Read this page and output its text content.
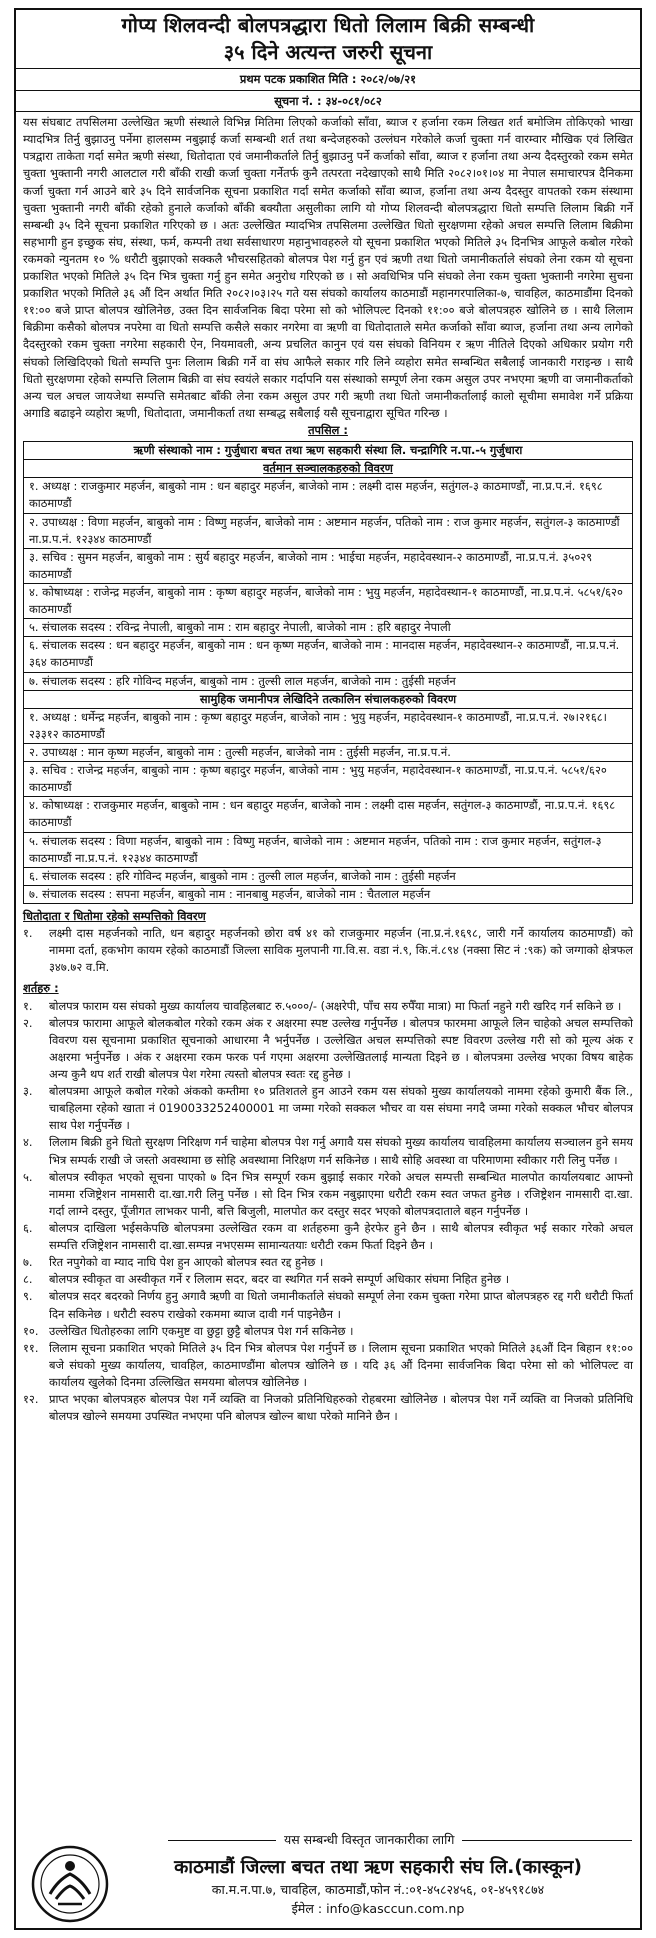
गोप्य शिलवन्दी बोलपत्रद्धारा धितो लिलाम बिक्री सम्बन्धी
३५ दिने अत्यन्त जरुरी सूचना
प्रथम पटक प्रकाशित मिति : २०८२/०७/२१
सूचना नं. : ३४-०८१/०८२

यस संघबाट तपसिलमा उल्लेखित ऋणी संस्थाले विभिन्न मितिमा लिएको कर्जाको साँवा, ब्याज र हर्जाना रकम लिखत शर्त बमोजिम तोकिएको भाखा म्यादभित्र तिर्नु बुझाउनु पर्नेमा हालसम्म नबुझाई कर्जा सम्बन्धी शर्त तथा बन्देजहरुको उल्लंघन गरेकोले कर्जा चुक्ता गर्न वारम्वार मौखिक एवं लिखित पत्रद्वारा ताकेता गर्दा समेत ऋणी संस्था, धितोदाता एवं जमानीकर्ताले तिर्नु बुझाउनु पर्ने कर्जाको साँवा, ब्याज र हर्जाना तथा अन्य दैदस्तुरको रकम समेत चुक्ता भुक्तानी नगरी आलटाल गरी बाँकी राखी कर्जा चुक्ता गर्नेतर्फ कुनै तत्परता नदेखाएको साथै मिति २०८२।०१।०४ मा नेपाल समाचारपत्र दैनिकमा कर्जा चुक्ता गर्न आउने बारे ३५ दिने सार्वजनिक सूचना प्रकाशित गर्दा समेत कर्जाको साँवा ब्याज, हर्जाना तथा अन्य दैदस्तुर वापतको रकम संस्थामा चुक्ता भुक्तानी नगरी बाँकी रहेको हुनाले कर्जाको बाँकी बक्यौता असुलीका लागि यो गोप्य शिलवन्दी बोलपत्रद्धारा धितो सम्पत्ति लिलाम बिक्री गर्ने सम्बन्धी ३५ दिने सूचना प्रकाशित गरिएको छ । अतः उल्लेखित म्यादभित्र तपसिलमा उल्लेखित धितो सुरक्षणमा रहेको अचल सम्पत्ति लिलाम बिक्रीमा सहभागी हुन इच्छुक संघ, संस्था, फर्म, कम्पनी तथा सर्वसाधारण महानुभावहरुले यो सूचना प्रकाशित भएको मितिले ३५ दिनभित्र आफूले कबोल गरेको रकमको न्युनतम १० % धरौटी बुझाएको सक्कलै भौचरसहितको बोलपत्र पेश गर्नु हुन एवं ऋणी तथा धितो जमानीकर्ताले संघको लेना रकम यो सूचना प्रकाशित भएको मितिले ३५ दिन भित्र चुक्ता गर्नु हुन समेत अनुरोध गरिएको छ । सो अवधिभित्र पनि संघको लेना रकम चुक्ता भुक्तानी नगरेमा सुचना प्रकाशित भएको मितिले ३६ औं दिन अर्थात मिति २०८२।०३।२५ गते यस संघको कार्यालय काठमाडौं महानगरपालिका-७, चावहिल, काठमाडौंमा दिनको ११:०० बजे प्राप्त बोलपत्र खोलिनेछ, उक्त दिन सार्वजनिक बिदा परेमा सो को भोलिपल्ट दिनको ११:०० बजे बोलपत्रहरु खोलिने छ । साथै लिलाम बिक्रीमा कसैको बोलपत्र नपरेमा वा धितो सम्पत्ति कसैले सकार नगरेमा वा ऋणी वा धितोदाताले समेत कर्जाको साँवा ब्याज, हर्जाना तथा अन्य लागेको दैदस्तुरको रकम चुक्ता नगरेमा सहकारी ऐन, नियमावली, अन्य प्रचलित कानुन एवं यस संघको विनियम र ऋण नीतिले दिएको अधिकार प्रयोग गरी संघको लिखिदिएको धितो सम्पत्ति पुनः लिलाम बिक्री गर्ने वा संघ आफैले सकार गरि लिने व्यहोरा समेत सम्बन्धित सबैलाई जानकारी गराइन्छ । साथै धितो सुरक्षणमा रहेको सम्पत्ति लिलाम बिक्री वा संघ स्वयंले सकार गर्दापनि यस संस्थाको सम्पूर्ण लेना रकम असुल उपर नभएमा ऋणी वा जमानीकर्ताको अन्य चल अचल जायजेथा सम्पत्ति समेतबाट बाँकी लेना रकम असुल उपर गरी ऋणी तथा धितो जमानीकर्तालाई कालो सूचीमा समावेश गर्ने प्रक्रिया अगाडि बढाइने व्यहोरा ऋणी, धितोदाता, जमानीकर्ता तथा सम्बद्ध सबैलाई यसै सूचनाद्वारा सूचित गरिन्छ ।

तपसिल :
ऋणी संस्थाको नाम : गुर्जुधारा बचत तथा ऋण सहकारी संस्था लि. चन्द्रागिरि न.पा.-५ गुर्जुधारा
वर्तमान सञ्चालकहरुको विवरण
१. अध्यक्ष : राजकुमार महर्जन, बाबुको नाम : धन बहादुर महर्जन, बाजेको नाम : लक्ष्मी दास महर्जन, सतुंगल-३ काठमाण्डौं, ना.प्र.प.नं. १६९८ काठमाण्डौं
२. उपाध्यक्ष : विणा महर्जन, बाबुको नाम : विष्णु महर्जन, बाजेको नाम : अष्टमान महर्जन, पतिको नाम : राज कुमार महर्जन, सतुंगल-३ काठमाण्डौं ना.प्र.प.नं. १२३४४ काठमाण्डौं
३. सचिव : सुमन महर्जन, बाबुको नाम : सुर्य बहादुर महर्जन, बाजेको नाम : भाईचा महर्जन, महादेवस्थान-२ काठमाण्डौं, ना.प्र.प.नं. ३५०२९ काठमाण्डौं
४. कोषाध्यक्ष : राजेन्द्र महर्जन, बाबुको नाम : कृष्ण बहादुर महर्जन, बाजेको नाम : भुयु महर्जन, महादेवस्थान-१ काठमाण्डौं, ना.प्र.प.नं. ५८५१/६२० काठमाण्डौं
५. संचालक सदस्य : रविन्द्र नेपाली, बाबुको नाम : राम बहादुर नेपाली, बाजेको नाम : हरि बहादुर नेपाली
६. संचालक सदस्य : धन बहादुर महर्जन, बाबुको नाम : धन कृष्ण महर्जन, बाजेको नाम : मानदास महर्जन, महादेवस्थान-२ काठमाण्डौं, ना.प्र.प.नं. ३६४ काठमाण्डौं
७. संचालक सदस्य : हरि गोविन्द महर्जन, बाबुको नाम : तुल्सी लाल महर्जन, बाजेको नाम : तुईसी महर्जन
सामुहिक जमानीपत्र लेखिदिने तत्कालिन संचालकहरुको विवरण
१. अध्यक्ष : धर्मेन्द्र महर्जन, बाबुको नाम : कृष्ण बहादुर महर्जन, बाजेको नाम : भुयु महर्जन, महादेवस्थान-१ काठमाण्डौं, ना.प्र.प.नं. २७।२१६८।२३३१२ काठमाण्डौं
२. उपाध्यक्ष : मान कृष्ण महर्जन, बाबुको नाम : तुल्सी महर्जन, बाजेको नाम : तुईसी महर्जन, ना.प्र.प.नं.
३. सचिव : राजेन्द्र महर्जन, बाबुको नाम : कृष्ण बहादुर महर्जन, बाजेको नाम : भुयु महर्जन, महादेवस्थान-१ काठमाण्डौं, ना.प्र.प.नं. ५८५१/६२० काठमाण्डौं
४. कोषाध्यक्ष : राजकुमार महर्जन, बाबुको नाम : धन बहादुर महर्जन, बाजेको नाम : लक्ष्मी दास महर्जन, सतुंगल-३ काठमाण्डौं, ना.प्र.प.नं. १६९८ काठमाण्डौं
५. संचालक सदस्य : विणा महर्जन, बाबुको नाम : विष्णु महर्जन, बाजेको नाम : अष्टमान महर्जन, पतिको नाम : राज कुमार महर्जन, सतुंगल-३ काठमाण्डौं ना.प्र.प.नं. १२३४४ काठमाण्डौं
६. संचालक सदस्य : हरि गोविन्द महर्जन, बाबुको नाम : तुल्सी लाल महर्जन, बाजेको नाम : तुईसी महर्जन
७. संचालक सदस्य : सपना महर्जन, बाबुको नाम : नानबाबु महर्जन, बाजेको नाम : चैतलाल महर्जन
धितोदाता र धितोमा रहेको सम्पत्तिको विवरण
१.	लक्ष्मी दास महर्जनको नाति, धन बहादुर महर्जनको छोरा वर्ष ४१ को राजकुमार महर्जन (ना.प्र.नं.१६९८, जारी गर्ने कार्यालय काठमाण्डौं) को नाममा दर्ता, हकभोग कायम रहेको काठमाडौं जिल्ला साविक मुलपानी गा.वि.स. वडा नं.९, कि.नं.८९४ (नक्सा सिट नं :९क) को जग्गाको क्षेत्रफल ३४७.७२ व.मि.
शर्तहरु :
१.	बोलपत्र फाराम यस संघको मुख्य कार्यालय चावहिलबाट रु.५०००/- (अक्षरेपी, पाँच सय रुपैँया मात्रा) मा फिर्ता नहुने गरी खरिद गर्न सकिने छ ।
२.	बोलपत्र फारामा आफूले बोलकबोल गरेको रकम अंक र अक्षरमा स्पष्ट उल्लेख गर्नुपर्नेछ । बोलपत्र फारममा आफूले लिन चाहेको अचल सम्पत्तिको विवरण यस सूचनामा प्रकाशित सूचनाको आधारमा नै भर्नुपर्नेछ । उल्लेखित अचल सम्पत्तिको स्पष्ट विवरण उल्लेख गरी सो को मूल्य अंक र अक्षरमा भर्नुपर्नेछ । अंक र अक्षरमा रकम फरक पर्न गएमा अक्षरमा उल्लेखितलाई मान्यता दिइने छ । बोलपत्रमा उल्लेख भएका विषय बाहेक अन्य कुनै थप शर्त राखी बोलपत्र पेश गरेमा त्यस्तो बोलपत्र स्वतः रद्द हुनेछ ।
३.	बोलपत्रमा आफूले कबोल गरेको अंकको कम्तीमा १० प्रतिशतले हुन आउने रकम यस संघको मुख्य कार्यालयको नाममा रहेको कुमारी बैंक लि., चाबहिलमा रहेको खाता नं 0190033252400001 मा जम्मा गरेको सक्कल भौचर वा यस संघमा नगदै जम्मा गरेको सक्कल भौचर बोलपत्र साथ पेश गर्नुपर्नेछ ।
४.	लिलाम बिक्री हुने धितो सुरक्षण निरिक्षण गर्न चाहेमा बोलपत्र पेश गर्नु अगावै यस संघको मुख्य कार्यालय चावहिलमा कार्यालय सञ्चालन हुने समय भित्र सम्पर्क राखी जे जस्तो अवस्थामा छ सोहि अवस्थामा निरिक्षण गर्न सकिनेछ । साथै सोहि अवस्था वा परिमाणमा स्वीकार गरी लिनु पर्नेछ ।
५.	बोलपत्र स्वीकृत भएको सूचना पाएको ७ दिन भित्र सम्पूर्ण रकम बुझाई सकार गरेको अचल सम्पत्ती सम्बन्धित मालपोत कार्यालयबाट आफ्नो नाममा रजिष्ट्रेशन नामसारी दा.खा.गरी लिनु पर्नेछ । सो दिन भित्र रकम नबुझाएमा धरौटी रकम स्वत जफत हुनेछ । रजिष्ट्रेशन नामसारी दा.खा. गर्दा लाग्ने दस्तुर, पूँजीगत लाभकर पानी, बत्ति बिजुली, मालपोत कर दस्तुर सदर भएको बोलपत्रदाताले बहन गर्नुपर्नेछ ।
६.	बोलपत्र दाखिला भईसकेपछि बोलपत्रमा उल्लेखित रकम वा शर्तहरुमा कुनै हेरफेर हुने छैन । साथै बोलपत्र स्वीकृत भई सकार गरेको अचल सम्पत्ति रजिष्ट्रेशन नामसारी दा.खा.सम्पन्न नभएसम्म सामान्यतयाः धरौटी रकम फिर्ता दिइने छैन ।
७.	रित नपुगेको वा म्याद नाघि पेश हुन आएको बोलपत्र स्वत रद्द हुनेछ ।
८.	बोलपत्र स्वीकृत वा अस्वीकृत गर्ने र लिलाम सदर, बदर वा स्थगित गर्न सक्ने सम्पूर्ण अधिकार संघमा निहित हुनेछ ।
९.	बोलपत्र सदर बदरको निर्णय हुनु अगावै ऋणी वा धितो जमानीकर्ताले संघको सम्पूर्ण लेना रकम चुक्ता गरेमा प्राप्त बोलपत्रहरु रद्द गरी धरौटी फिर्ता दिन सकिनेछ । धरौटी स्वरुप राखेको रकममा ब्याज दावी गर्न पाइनेछैन ।
१०. उल्लेखित धितोहरुका लागि एकमुष्ट वा छुट्टा छुट्टै बोलपत्र पेश गर्न सकिनेछ ।
११. लिलाम सूचना प्रकाशित भएको मितिले ३५ दिन भित्र बोलपत्र पेश गर्नुपर्ने छ । लिलाम सूचना प्रकाशित भएको मितिले ३६औं दिन बिहान ११:०० बजे संघको मुख्य कार्यालय, चावहिल, काठमाण्डौंमा बोलपत्र खोलिने छ । यदि ३६ औं दिनमा सार्वजनिक बिदा परेमा सो को भोलिपल्ट वा कार्यालय खुलेको दिनमा उल्लिखित समयमा बोलपत्र खोलिनेछ ।
१२. प्राप्त भएका बोलपत्रहरु बोलपत्र पेश गर्ने व्यक्ति वा निजको प्रतिनिधिहरुको रोहबरमा खोलिनेछ । बोलपत्र पेश गर्ने व्यक्ति वा निजको प्रतिनिधि बोलपत्र खोल्ने समयमा उपस्थित नभएमा पनि बोलपत्र खोल्न बाधा परेको मानिने छैन ।
यस सम्बन्धी विस्तृत जानकारीका लागि
काठमाडौं जिल्ला बचत तथा ऋण सहकारी संघ लि.(कास्कून)
का.म.न.पा.७, चावहिल, काठमाडौं,फोन नं.:०१-४५८२४५६, ०१-४५९१८७४
ईमेल : info@kasccun.com.np
